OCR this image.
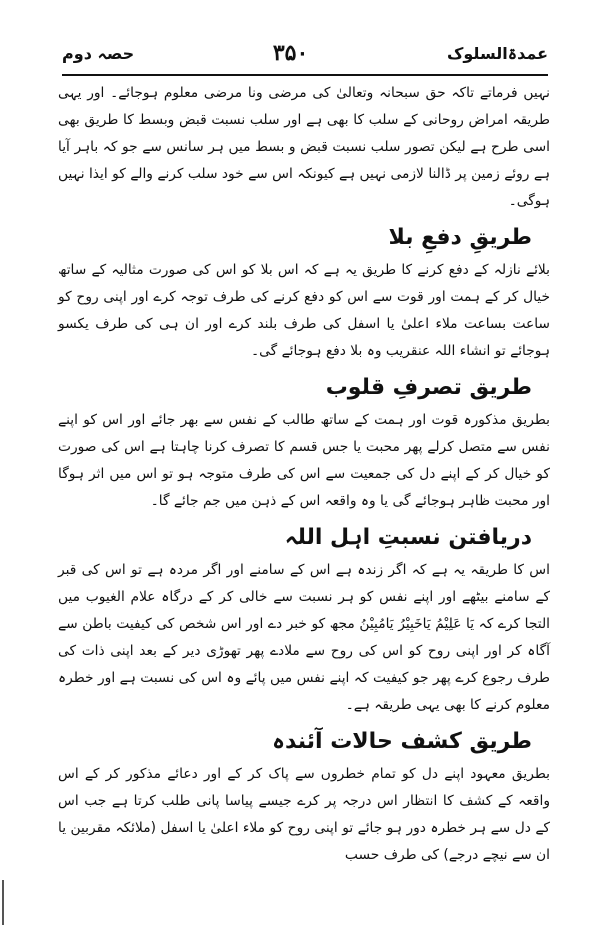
عمدۃالسلوک
۳۵۰
حصہ دوم

نہیں فرماتے تاکہ حق سبحانہ وتعالیٰ کی مرضی ونا مرضی معلوم ہوجائے۔ اور یہی طریقہ امراض روحانی کے سلب کا بھی ہے اور سلب نسبت قبض وبسط کا طریق بھی اسی طرح ہے لیکن تصور سلب نسبت قبض و بسط میں ہر سانس سے جو کہ باہر آیا ہے روئے زمین پر ڈالنا لازمی نہیں ہے کیونکہ اس سے خود سلب کرنے والے کو ایذا نہیں ہوگی۔

طریقِ دفعِ بلا

بلائے نازلہ کے دفع کرنے کا طریق یہ ہے کہ اس بلا کو اس کی صورت مثالیہ کے ساتھ خیال کر کے ہمت اور قوت سے اس کو دفع کرنے کی طرف توجہ کرے اور اپنی روح کو ساعت بساعت ملاء اعلیٰ یا اسفل کی طرف بلند کرے اور ان ہی کی طرف یکسو ہوجائے تو انشاء اللہ عنقریب وہ بلا دفع ہوجائے گی۔

طریق تصرفِ قلوب

بطریق مذکورہ قوت اور ہمت کے ساتھ طالب کے نفس سے بھر جائے اور اس کو اپنے نفس سے متصل کرلے پھر محبت یا جس قسم کا تصرف کرنا چاہتا ہے اس کی صورت کو خیال کر کے اپنے دل کی جمعیت سے اس کی طرف متوجہ ہو تو اس میں اثر ہوگا اور محبت ظاہر ہوجائے گی یا وہ واقعہ اس کے ذہن میں جم جائے گا۔

دریافتن نسبتِ اہل اللہ

اس کا طریقہ یہ ہے کہ اگر زندہ ہے اس کے سامنے اور اگر مردہ ہے تو اس کی قبر کے سامنے بیٹھے اور اپنے نفس کو ہر نسبت سے خالی کر کے درگاہ علام الغیوب میں التجا کرے کہ یَا عَلِیْمُ یَاخَبِیْرُ یَامُبِیْنُ مجھ کو خبر دے اور اس شخص کی کیفیت باطن سے آگاہ کر اور اپنی روح کو اس کی روح سے ملادے پھر تھوڑی دیر کے بعد اپنی ذات کی طرف رجوع کرے پھر جو کیفیت کہ اپنے نفس میں پائے وہ اس کی نسبت ہے اور خطرہ معلوم کرنے کا بھی یہی طریقہ ہے۔

طریق کشف حالات آئندہ

بطریق معہود اپنے دل کو تمام خطروں سے پاک کر کے اور دعائے مذکور کر کے اس واقعہ کے کشف کا انتظار اس درجہ پر کرے جیسے پیاسا پانی طلب کرتا ہے جب اس کے دل سے ہر خطرہ دور ہو جائے تو اپنی روح کو ملاء اعلیٰ یا اسفل (ملائکہ مقربین یا ان سے نیچے درجے) کی طرف حسب
